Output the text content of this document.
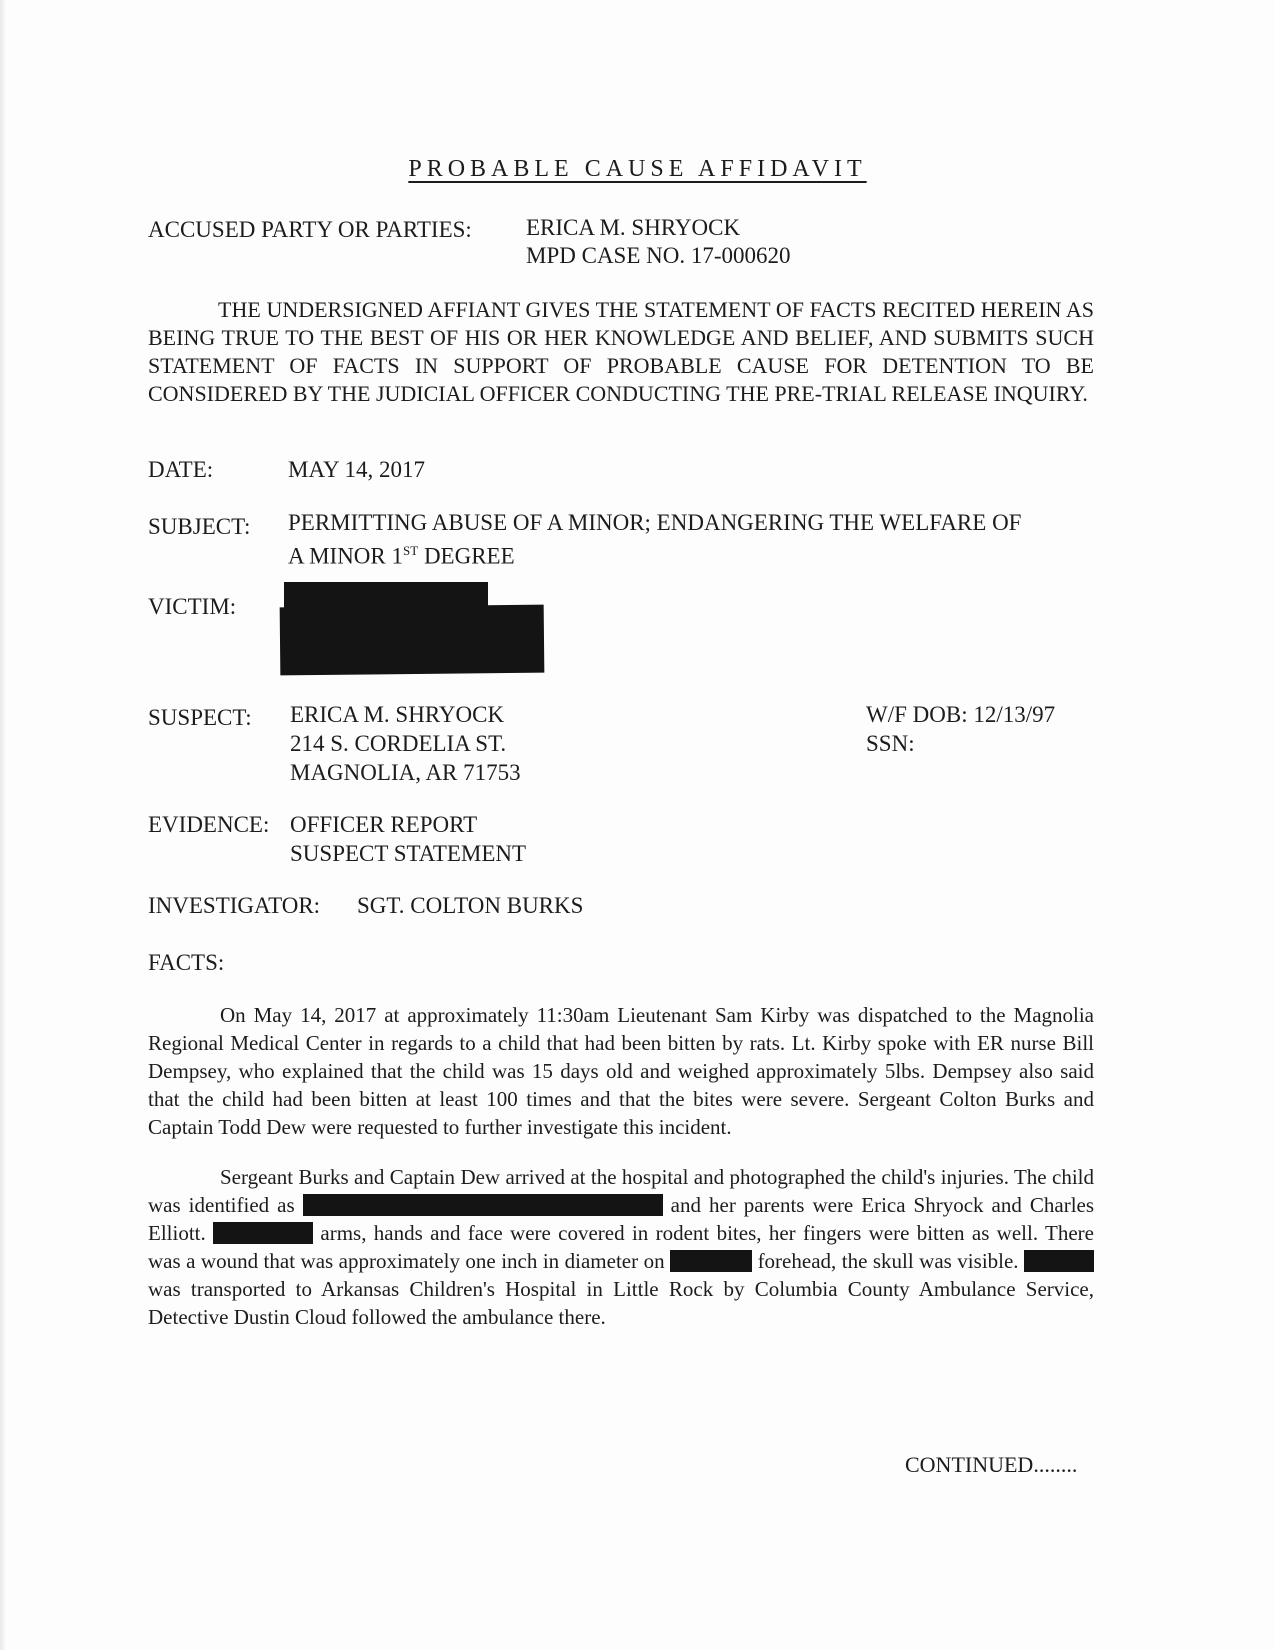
PROBABLE CAUSE AFFIDAVIT
ACCUSED PARTY OR PARTIES: ERICA M. SHRYOCK
MPD CASE NO. 17-000620
THE UNDERSIGNED AFFIANT GIVES THE STATEMENT OF FACTS RECITED HEREIN AS BEING TRUE TO THE BEST OF HIS OR HER KNOWLEDGE AND BELIEF, AND SUBMITS SUCH STATEMENT OF FACTS IN SUPPORT OF PROBABLE CAUSE FOR DETENTION TO BE CONSIDERED BY THE JUDICIAL OFFICER CONDUCTING THE PRE-TRIAL RELEASE INQUIRY.
DATE:	MAY 14, 2017
SUBJECT: PERMITTING ABUSE OF A MINOR; ENDANGERING THE WELFARE OF
A MINOR 1ST DEGREE
VICTIM:
SUSPECT: ERICA M. SHRYOCK
214 S. CORDELIA ST.
MAGNOLIA, AR 71753
W/F DOB: 12/13/97
SSN:
EVIDENCE: OFFICER REPORT
SUSPECT STATEMENT
INVESTIGATOR: SGT. COLTON BURKS
FACTS:
On May 14, 2017 at approximately 11:30am Lieutenant Sam Kirby was dispatched to the Magnolia Regional Medical Center in regards to a child that had been bitten by rats. Lt. Kirby spoke with ER nurse Bill Dempsey, who explained that the child was 15 days old and weighed approximately 5lbs. Dempsey also said that the child had been bitten at least 100 times and that the bites were severe. Sergeant Colton Burks and Captain Todd Dew were requested to further investigate this incident.
Sergeant Burks and Captain Dew arrived at the hospital and photographed the child's injuries. The child was identified as	and her parents were Erica Shryock and Charles Elliott.	arms, hands and face were covered in rodent bites, her fingers were bitten as well. There was a wound that was approximately one inch in diameter on	forehead, the skull was visible.  was transported to Arkansas Children's Hospital in Little Rock by Columbia County Ambulance Service, Detective Dustin Cloud followed the ambulance there.
CONTINUED........
